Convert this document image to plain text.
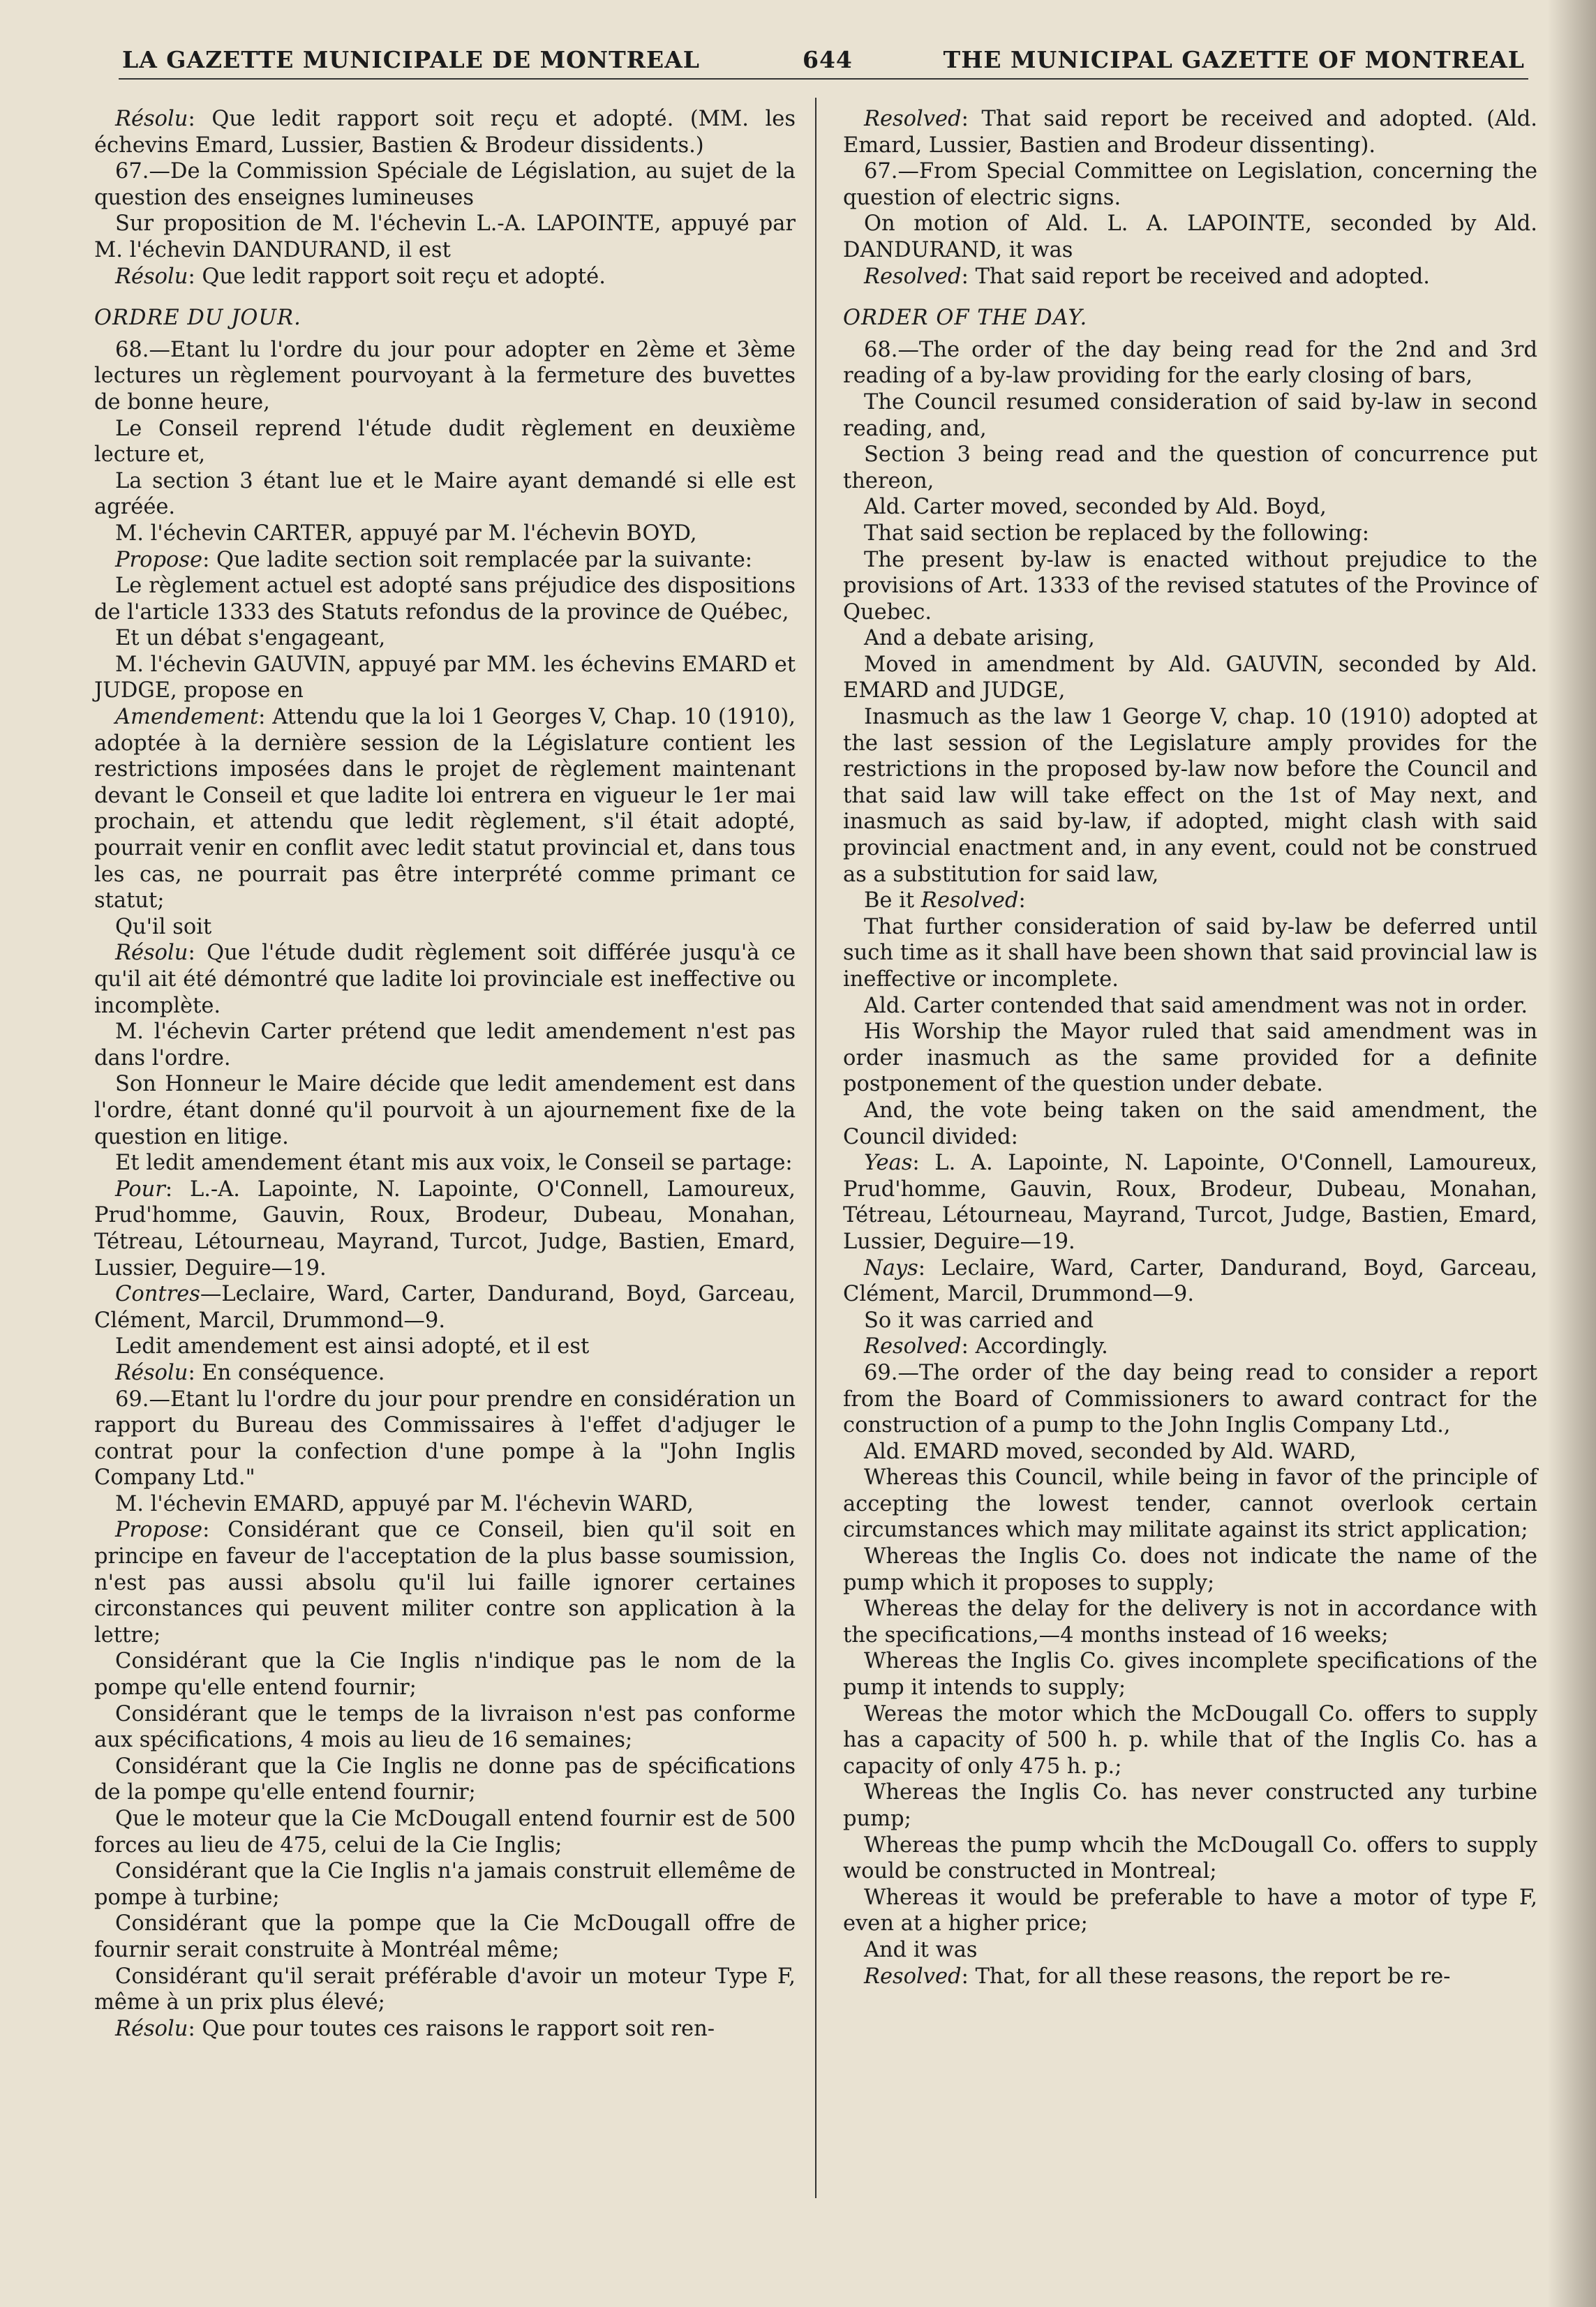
LA GAZETTE MUNICIPALE DE MONTREAL	644	THE MUNICIPAL GAZETTE OF MONTREAL

Résolu: Que ledit rapport soit reçu et adopté. (MM. les échevins Emard, Lussier, Bastien & Brodeur dissidents.)

67.—De la Commission Spéciale de Législation, au sujet de la question des enseignes lumineuses

Sur proposition de M. l'échevin L.-A. LAPOINTE, appuyé par M. l'échevin DANDURAND, il est

Résolu: Que ledit rapport soit reçu et adopté.

ORDRE DU JOUR.

68.—Etant lu l'ordre du jour pour adopter en 2ème et 3ème lectures un règlement pourvoyant à la fermeture des buvettes de bonne heure,

Le Conseil reprend l'étude dudit règlement en deuxième lecture et,

La section 3 étant lue et le Maire ayant demandé si elle est agréée.

M. l'échevin CARTER, appuyé par M. l'échevin BOYD,

Propose: Que ladite section soit remplacée par la suivante:

Le règlement actuel est adopté sans préjudice des dispositions de l'article 1333 des Statuts refondus de la province de Québec,

Et un débat s'engageant,

M. l'échevin GAUVIN, appuyé par MM. les échevins EMARD et JUDGE, propose en

Amendement: Attendu que la loi 1 Georges V, Chap. 10 (1910), adoptée à la dernière session de la Législature contient les restrictions imposées dans le projet de règlement maintenant devant le Conseil et que ladite loi entrera en vigueur le 1er mai prochain, et attendu que ledit règlement, s'il était adopté, pourrait venir en conflit avec ledit statut provincial et, dans tous les cas, ne pourrait pas être interprété comme primant ce statut;

Qu'il soit

Résolu: Que l'étude dudit règlement soit différée jusqu'à ce qu'il ait été démontré que ladite loi provinciale est ineffective ou incomplète.

M. l'échevin Carter prétend que ledit amendement n'est pas dans l'ordre.

Son Honneur le Maire décide que ledit amendement est dans l'ordre, étant donné qu'il pourvoit à un ajournement fixe de la question en litige.

Et ledit amendement étant mis aux voix, le Conseil se partage:

Pour: L.-A. Lapointe, N. Lapointe, O'Connell, Lamoureux, Prud'homme, Gauvin, Roux, Brodeur, Dubeau, Monahan, Tétreau, Létourneau, Mayrand, Turcot, Judge, Bastien, Emard, Lussier, Deguire—19.

Contres—Leclaire, Ward, Carter, Dandurand, Boyd, Garceau, Clément, Marcil, Drummond—9.

Ledit amendement est ainsi adopté, et il est

Résolu: En conséquence.

69.—Etant lu l'ordre du jour pour prendre en considération un rapport du Bureau des Commissaires à l'effet d'adjuger le contrat pour la confection d'une pompe à la "John Inglis Company Ltd."

M. l'échevin EMARD, appuyé par M. l'échevin WARD,

Propose: Considérant que ce Conseil, bien qu'il soit en principe en faveur de l'acceptation de la plus basse soumission, n'est pas aussi absolu qu'il lui faille ignorer certaines circonstances qui peuvent militer contre son application à la lettre;

Considérant que la Cie Inglis n'indique pas le nom de la pompe qu'elle entend fournir;

Considérant que le temps de la livraison n'est pas conforme aux spécifications, 4 mois au lieu de 16 semaines;

Considérant que la Cie Inglis ne donne pas de spécifications de la pompe qu'elle entend fournir;

Que le moteur que la Cie McDougall entend fournir est de 500 forces au lieu de 475, celui de la Cie Inglis;

Considérant que la Cie Inglis n'a jamais construit ellemême de pompe à turbine;

Considérant que la pompe que la Cie McDougall offre de fournir serait construite à Montréal même;

Considérant qu'il serait préférable d'avoir un moteur Type F, même à un prix plus élevé;

Résolu: Que pour toutes ces raisons le rapport soit ren-

Resolved: That said report be received and adopted. (Ald. Emard, Lussier, Bastien and Brodeur dissenting).

67.—From Special Committee on Legislation, concerning the question of electric signs.

On motion of Ald. L. A. LAPOINTE, seconded by Ald. DANDURAND, it was

Resolved: That said report be received and adopted.

ORDER OF THE DAY.

68.—The order of the day being read for the 2nd and 3rd reading of a by-law providing for the early closing of bars,

The Council resumed consideration of said by-law in second reading, and,

Section 3 being read and the question of concurrence put thereon,

Ald. Carter moved, seconded by Ald. Boyd,

That said section be replaced by the following:

The present by-law is enacted without prejudice to the provisions of Art. 1333 of the revised statutes of the Province of Quebec.

And a debate arising,

Moved in amendment by Ald. GAUVIN, seconded by Ald. EMARD and JUDGE,

Inasmuch as the law 1 George V, chap. 10 (1910) adopted at the last session of the Legislature amply provides for the restrictions in the proposed by-law now before the Council and that said law will take effect on the 1st of May next, and inasmuch as said by-law, if adopted, might clash with said provincial enactment and, in any event, could not be construed as a substitution for said law,

Be it Resolved:

That further consideration of said by-law be deferred until such time as it shall have been shown that said provincial law is ineffective or incomplete.

Ald. Carter contended that said amendment was not in order.

His Worship the Mayor ruled that said amendment was in order inasmuch as the same provided for a definite postponement of the question under debate.

And, the vote being taken on the said amendment, the Council divided:

Yeas: L. A. Lapointe, N. Lapointe, O'Connell, Lamoureux, Prud'homme, Gauvin, Roux, Brodeur, Dubeau, Monahan, Tétreau, Létourneau, Mayrand, Turcot, Judge, Bastien, Emard, Lussier, Deguire—19.

Nays: Leclaire, Ward, Carter, Dandurand, Boyd, Garceau, Clément, Marcil, Drummond—9.

So it was carried and

Resolved: Accordingly.

69.—The order of the day being read to consider a report from the Board of Commissioners to award contract for the construction of a pump to the John Inglis Company Ltd.,

Ald. EMARD moved, seconded by Ald. WARD,

Whereas this Council, while being in favor of the principle of accepting the lowest tender, cannot overlook certain circumstances which may militate against its strict application;

Whereas the Inglis Co. does not indicate the name of the pump which it proposes to supply;

Whereas the delay for the delivery is not in accordance with the specifications,—4 months instead of 16 weeks;

Whereas the Inglis Co. gives incomplete specifications of the pump it intends to supply;

Wereas the motor which the McDougall Co. offers to supply has a capacity of 500 h. p. while that of the Inglis Co. has a capacity of only 475 h. p.;

Whereas the Inglis Co. has never constructed any turbine pump;

Whereas the pump whcih the McDougall Co. offers to supply would be constructed in Montreal;

Whereas it would be preferable to have a motor of type F, even at a higher price;

And it was

Resolved: That, for all these reasons, the report be re-
